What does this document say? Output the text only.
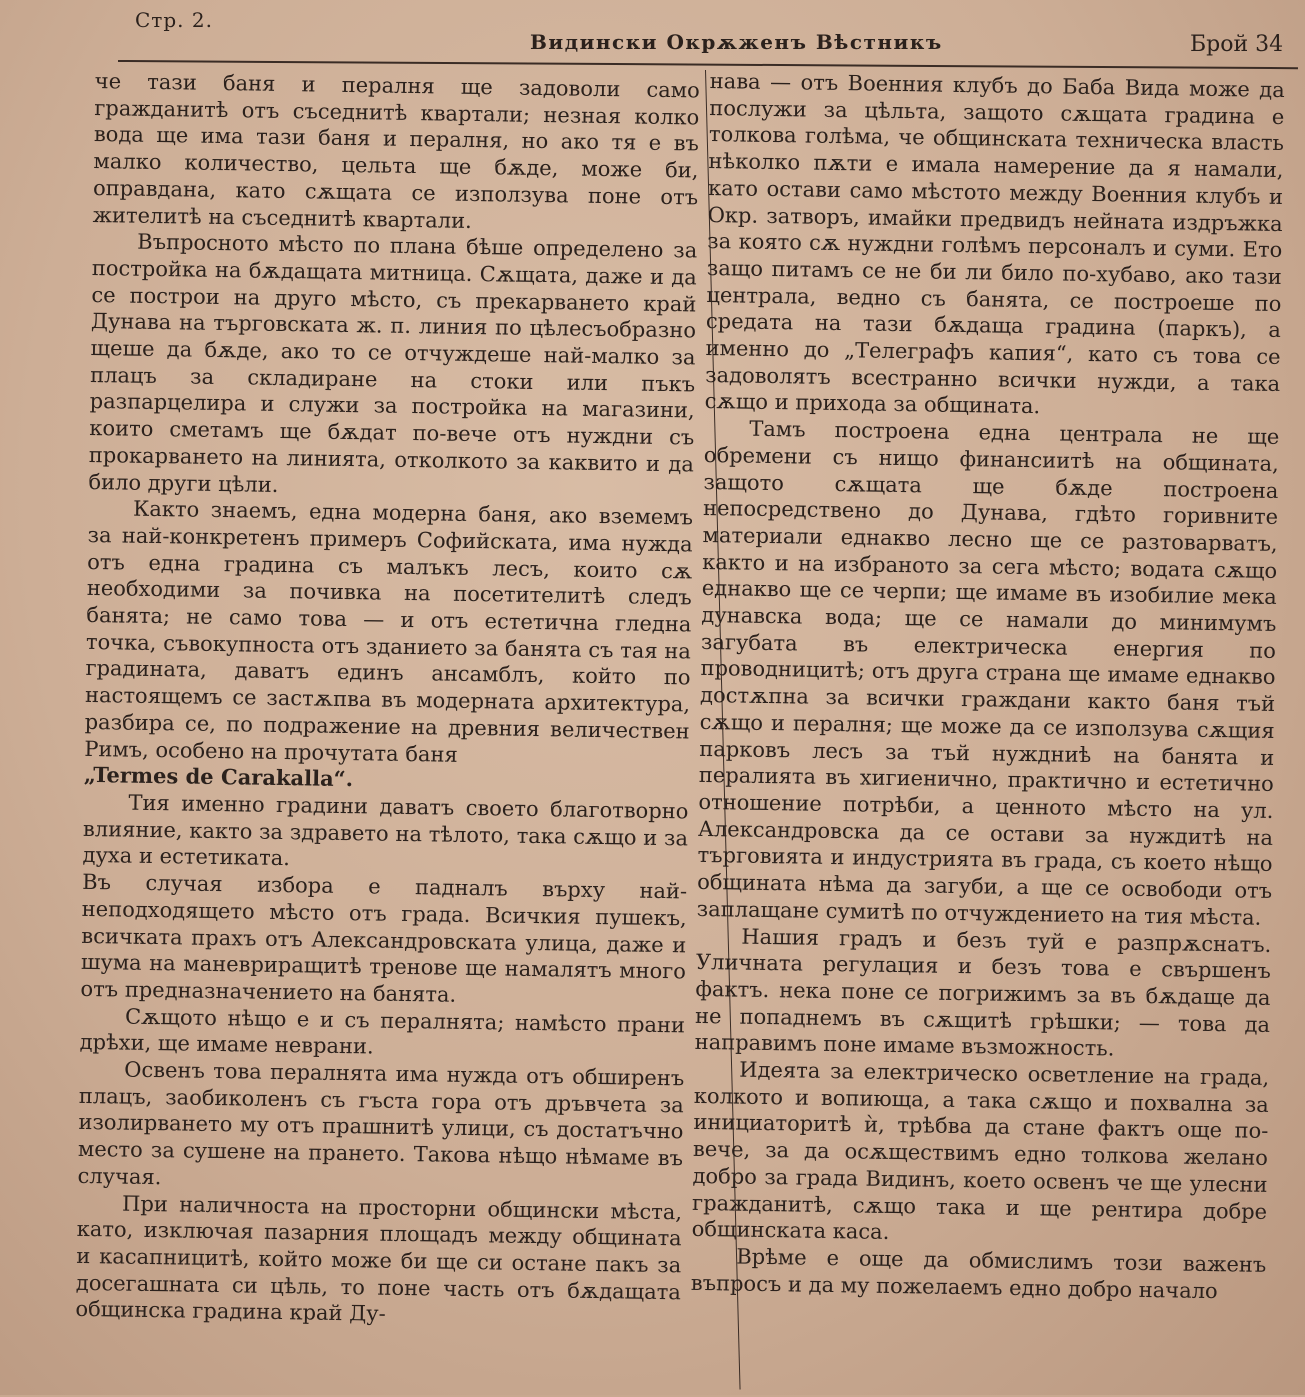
Стр. 2.
Видински Окрѫженъ Вѣстникъ	Брой 34

че тази баня и пералня ще задоволи само гражданитѣ отъ съседнитѣ квартали; незная колко вода ще има тази баня и пералня, но ако тя е въ малко количество, цельта ще бѫде, може би, оправдана, като сѫщата се използува поне отъ жителитѣ на съседнитѣ квартали.

Въпросното мѣсто по плана бѣше определено за постройка на бѫдащата митница. Сѫщата, даже и да се построи на друго мѣсто, съ прекарването край Дунава на търговската ж. п. линия по цѣлесъобразно щеше да бѫде, ако то се отчуждеше най-малко за плацъ за складиране на стоки или пъкъ разпарцелира и служи за постройка на магазини, които сметамъ ще бѫдат по-вече отъ нуждни съ прокарването на линията, отколкото за каквито и да било други цѣли.

Както знаемъ, една модерна баня, ако вземемъ за най-конкретенъ примеръ Софийската, има нужда отъ една градина съ малъкъ лесъ, които сѫ необходими за почивка на посетителитѣ следъ банята; не само това — и отъ естетична гледна точка, съвокупноста отъ зданието за банята съ тая на градината, даватъ единъ ансамблъ, който по настоящемъ се застѫпва въ модерната архитектура, разбира се, по подражение на древния величествен Римъ, особено на прочутата баня

„Termes de Carakalla“.

Тия именно градини даватъ своето благотворно влияние, както за здравето на тѣлото, така сѫщо и за духа и естетиката.

Въ случая избора е падналъ върху най-неподходящето мѣсто отъ града. Всичкия пушекъ, всичката прахъ отъ Александровската улица, даже и шума на маневриращитѣ тренове ще намалятъ много отъ предназначението на банята.

Сѫщото нѣщо е и съ пералнята; намѣсто прани дрѣхи, ще имаме неврани.

Освенъ това пералнята има нужда отъ обширенъ плацъ, заобиколенъ съ гъста гора отъ дръвчета за изолирването му отъ прашнитѣ улици, съ достатъчно место за сушене на прането. Такова нѣщо нѣмаме въ случая.

При наличноста на просторни общински мѣста, като, изключая пазарния площадъ между общината и касапницитѣ, който може би ще си остане пакъ за досегашната си цѣль, то поне часть отъ бѫдащата общинска градина край Ду-

нава — отъ Военния клубъ до Баба Вида може да послужи за цѣльта, защото сѫщата градина е толкова голѣма, че общинската техническа власть нѣколко пѫти е имала намерение да я намали, като остави само мѣстото между Военния клубъ и Окр. затворъ, имайки предвидъ нейната издръжка за която сѫ нуждни голѣмъ персоналъ и суми. Ето защо питамъ се не би ли било по-хубаво, ако тази централа, ведно съ банята, се построеше по средата на тази бѫдаща градина (паркъ), а именно до „Телеграфъ капия“, като съ това се задоволятъ всестранно всички нужди, а така сѫщо и прихода за общината.

Тамъ построена една централа не ще обремени съ нищо финансиитѣ на общината, защото сѫщата ще бѫде построена непосредствено до Дунава, гдѣто горивните материали еднакво лесно ще се разтоварватъ, както и на избраното за сега мѣсто; водата сѫщо еднакво ще се черпи; ще имаме въ изобилие мека дунавска вода; ще се намали до минимумъ загубата въ електрическа енергия по проводницитѣ; отъ друга страна ще имаме еднакво достѫпна за всички граждани както баня тъй сѫщо и пералня; ще може да се използува сѫщия парковъ лесъ за тъй нуждниѣ на банята и пералията въ хигиенично, практично и естетично отношение потрѣби, а ценното мѣсто на ул. Александровска да се остави за нуждитѣ на търговията и индустрията въ града, съ което нѣщо общината нѣма да загуби, а ще се освободи отъ заплащане сумитѣ по отчуждението на тия мѣста.

Нашия градъ и безъ туй е разпрѫснатъ. Уличната регулация и безъ това е свършенъ фактъ. нека поне се погрижимъ за въ бѫдаще да не попаднемъ въ сѫщитѣ грѣшки; — това да направимъ поне имаме възможность.

Идеята за електрическо осветление на града, колкото и вопиюща, а така сѫщо и похвална за инициаторитѣ ѝ, трѣбва да стане фактъ още по-вече, за да осѫществимъ едно толкова желано добро за града Видинъ, което освенъ че ще улесни гражданитѣ, сѫщо така и ще рентира добре общинската каса.

Врѣме е още да обмислимъ този важенъ въпросъ и да му пожелаемъ едно добро начало
